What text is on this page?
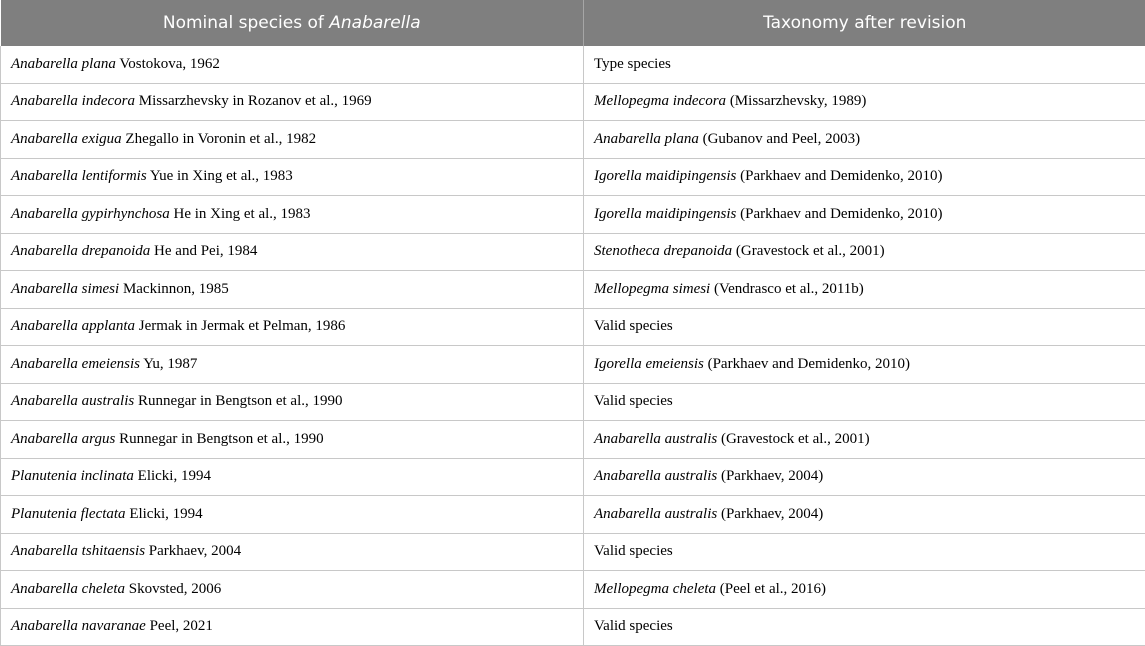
Nominal species of Anabarella	Taxonomy after revision
Anabarella plana Vostokova, 1962	Type species
Anabarella indecora Missarzhevsky in Rozanov et al., 1969	Mellopegma indecora (Missarzhevsky, 1989)
Anabarella exigua Zhegallo in Voronin et al., 1982	Anabarella plana (Gubanov and Peel, 2003)
Anabarella lentiformis Yue in Xing et al., 1983	Igorella maidipingensis (Parkhaev and Demidenko, 2010)
Anabarella gypirhynchosa He in Xing et al., 1983	Igorella maidipingensis (Parkhaev and Demidenko, 2010)
Anabarella drepanoida He and Pei, 1984	Stenotheca drepanoida (Gravestock et al., 2001)
Anabarella simesi Mackinnon, 1985	Mellopegma simesi (Vendrasco et al., 2011b)
Anabarella applanta Jermak in Jermak et Pelman, 1986	Valid species
Anabarella emeiensis Yu, 1987	Igorella emeiensis (Parkhaev and Demidenko, 2010)
Anabarella australis Runnegar in Bengtson et al., 1990	Valid species
Anabarella argus Runnegar in Bengtson et al., 1990	Anabarella australis (Gravestock et al., 2001)
Planutenia inclinata Elicki, 1994	Anabarella australis (Parkhaev, 2004)
Planutenia flectata Elicki, 1994	Anabarella australis (Parkhaev, 2004)
Anabarella tshitaensis Parkhaev, 2004	Valid species
Anabarella cheleta Skovsted, 2006	Mellopegma cheleta (Peel et al., 2016)
Anabarella navaranae Peel, 2021	Valid species
